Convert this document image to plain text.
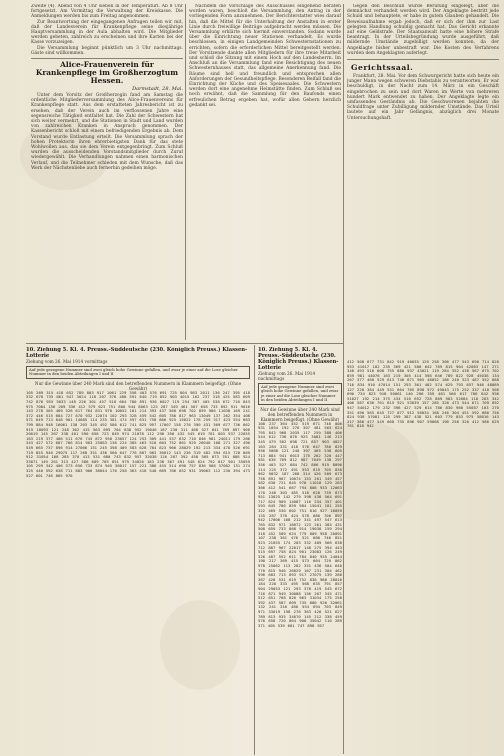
Zweite (4). Abend von 4 Uhr sieben in der Temperaturl. Ab 8 Uhr fortgesetzt. Am Vormittag die Verwaltung der Kreiskasse. Die Anmeldungen werden bis zum Freitag angenommen.
Zur Beantwortung der eingegangenen Anfragen teilen wir mit, daß der Landesverein für Krankenpflege seine diesjährige Hauptversammlung in der Aula abhalten wird. Die Mitglieder werden gebeten, zahlreich zu erscheinen und ihre Karten bei der Kasse vorzuzeigen.
Die Versammlung beginnt pünktlich um 3 Uhr nachmittags. Gäste sind willkommen.
Alice-Frauenverein für Krankenpflege im Großherzogtum Hessen.
Darmstadt, 28. Mai.
Unter dem Vorsitz der Großherzogin fand am Samstag die ordentliche Mitgliederversammlung des Alice-Frauenvereins für Krankenpflege statt. Aus dem erstatteten Jahresbericht ist zu ersehen, daß der Verein auch im verflossenen Jahre eine segensreiche Tätigkeit entfaltet hat. Die Zahl der Schwestern hat sich weiter vermehrt, und die Stationen in Stadt und Land wurden von zahlreichen Kranken in Anspruch genommen. Der Kassenbericht schloß mit einem befriedigenden Ergebnis ab. Dem Vorstand wurde Entlastung erteilt. Die Versammlung sprach der hohen Protektorin ihren ehrerbietigsten Dank für das stete Wohlwollen aus, das sie dem Verein entgegenbringt. Zum Schluß wurden die ausscheidenden Vorstandsmitglieder durch Zuruf wiedergewählt. Die Verhandlungen nahmen einen harmonischen Verlauf, und die Teilnehmer schieden mit dem Wunsche, daß das Werk der Nächstenliebe auch fernerhin gedeihen möge.
Nachdem die Vorschläge des Ausschusses eingehend beraten worden waren, beschloß die Versammlung, den Antrag in der vorliegenden Form anzunehmen. Der Berichterstatter wies darauf hin, daß die Mittel für die Unterhaltung der Anstalten in erster Linie durch freiwillige Beiträge aufgebracht werden müssen. Die Versammlung erklärte sich hiermit einverstanden. Sodann wurde über die Einrichtung neuer Stationen verhandelt. Es wurde beschlossen, in einigen Landgemeinden Schwesternstationen zu errichten, sofern die erforderlichen Mittel bereitgestellt werden. Der Vorsitzende dankte allen Mitgliedern für ihre treue Mitarbeit und schloß die Sitzung mit einem Hoch auf den Landesherrn. Im Anschluß an die Versammlung fand eine Besichtigung des neuen Schwesternhauses statt, das allgemeine Anerkennung fand. Die Räume sind hell und freundlich und entsprechen allen Anforderungen der Gesundheitspflege. Besonderen Beifall fand die Einrichtung der Küche und des Speisesaales. Die Schwestern werden dort eine angenehme Heimstätte finden. Zum Schluß sei noch erwähnt, daß die Sammlung für den Baufonds einen erfreulichen Betrag ergeben hat, wofür allen Gebern herzlich gedankt sei.
Gegen den Beschluß wurde Berufung eingelegt, über die demnächst verhandelt werden wird. Der Angeklagte bestritt jede Schuld und behauptete, er habe in gutem Glauben gehandelt. Die Beweisaufnahme ergab jedoch, daß er sich der ihm zur Last gelegten Handlung schuldig gemacht hat. Das Gericht erkannte auf eine Geldstrafe. Der Staatsanwalt hatte eine höhere Strafe beantragt. In der Urteilsbegründung wurde ausgeführt, daß mildernde Umstände zugebilligt werden konnten, da der Angeklagte bisher unbestraft war. Die Kosten des Verfahrens wurden dem Angeklagten auferlegt.
Gerichtssaal.
Frankfurt, 28. Mai. Vor dem Schwurgericht hatte sich heute ein junger Mann wegen schweren Diebstahls zu verantworten. Er war beschuldigt, in der Nacht zum 14. März in ein Geschäft eingebrochen zu sein und dort Waren im Werte von mehreren hundert Mark entwendet zu haben. Der Angeklagte legte ein umfassendes Geständnis ab. Die Geschworenen bejahten die Schuldfrage unter Zubilligung mildernder Umstände. Das Urteil lautete auf ein Jahr Gefängnis, abzüglich drei Monate Untersuchungshaft.
10. Ziehung 5. Kl. 4. Preuss.-Süddeutsche (230. Königlich Preuss.) Klassen-Lotterie
Ziehung vom 26. Mai 1914 vormittags
Auf jede gezogene Nummer sind zwei gleich hohe Gewinne gefallen, und zwar je einer auf die Lose gleicher Nummer in den beiden Abteilungen I und II
Nur die Gewinne über 240 Mark sind den betreffenden Nummern in Klammern beigefügt. (Ohne Gewähr)
105 269 315 418 652 789 803 917 1061 229 358 403 576 691 725 804 983 2011 136 247 395 418 532 670 735 861 947 3024 118 207 376 480 591 640 719 852 903 4015 162 237 318 425 583 609 742 876 955 5033 148 226 301 457 518 664 780 891 936 6027 119 254 367 405 538 672 718 843 975 7084 156 209 336 412 579 623 751 806 944 8063 125 287 349 461 507 658 733 892 911 9016 143 278 305 489 526 617 764 831 970 10052 181 214 393 437 560 698 702 859 986 11038 169 241 372 446 515 684 727 870 932 12074 102 293 328 459 542 605 786 817 963 13049 137 262 354 408 571 649 713 848 901 14085 114 235 381 474 597 631 758 866 925 15022 176 259 317 423 554 663 799 884 948 16061 130 203 345 492 586 612 741 825 997 17007 158 276 390 431 509 677 736 862 919 18093 121 248 362 415 563 695 704 838 952 19046 187 230 311 468 527 641 769 897 906 20019 145 267 338 401 590 658 723 849 974 21078 112 290 356 432 545 619 781 803 937 22035 163 219 377 486 511 676 745 872 958 23057 124 253 309 441 537 632 710 846 981 24011 179 286 343 427 572 687 766 814 903 25083 136 224 385 463 518 603 752 861 929 26040 108 271 327 490 549 665 737 896 914 27066 151 245 398 409 583 628 784 823 966 28029 192 213 334 478 526 691 719 855 940 29075 117 268 351 436 560 647 776 807 983 30012 143 236 319 482 594 615 728 869 912 31054 168 285 370 413 531 680 743 832 957 32038 126 207 392 458 505 673 761 888 924 33071 149 261 313 427 586 609 705 851 979 34026 183 238 367 491 548 624 792 817 901 35059 105 299 342 406 573 656 733 874 945 36017 157 221 386 455 514 690 757 836 968 37082 131 274 325 440 592 638 711 883 906 38044 176 258 363 418 540 669 786 852 931 39063 112 230 394 473 527 601 748 865 970
10. Ziehung 5. Kl. 4. Preuss.-Süddeutsche (230. Königlich Preuss.) Klassen-Lotterie
Ziehung vom 26. Mai 1914 nachmittags
Auf jede gezogene Nummer sind zwei gleich hohe Gewinne gefallen, und zwar je einer auf die Lose gleicher Nummer in den beiden Abteilungen I und II
Nur die Gewinne über 240 Mark sind den betreffenden Nummern in Klammern beigefügt. (Ohne Gewähr)
108 237 364 452 519 671 748 806 931 1054 192 276 307 481 563 624 795 843 968 2035 117 259 388 406 544 612 736 870 925 3081 146 213 345 479 502 698 721 857 903 4027 163 284 331 418 576 647 780 829 956 5068 121 240 397 465 538 605 713 884 941 6013 175 262 320 447 581 636 769 812 987 7049 138 297 356 403 527 684 742 866 919 8096 114 225 372 491 553 619 705 838 962 9032 187 268 314 426 509 673 758 891 907 10074 153 201 349 457 582 630 721 845 976 11018 129 283 366 412 541 667 794 808 933 12063 170 246 303 485 516 628 739 873 951 13025 142 279 398 438 564 691 717 824 909 14087 116 234 357 401 593 645 786 859 984 15041 181 255 322 469 530 602 751 816 927 16059 135 287 370 424 578 686 708 897 942 17006 168 212 341 497 547 613 765 832 971 18072 123 261 385 431 508 659 733 868 914 19038 159 294 318 452 589 624 779 809 958 20091 107 238 361 476 521 680 746 851 923 21055 174 203 332 409 566 638 712 887 967 22017 148 275 394 443 515 697 758 824 901 23083 126 249 326 487 552 611 784 840 935 24044 190 217 369 415 573 664 729 862 978 25062 113 282 351 436 504 640 770 815 946 26029 167 231 304 462 596 683 713 893 917 27075 139 266 387 428 531 619 752 838 980 28016 184 220 333 495 568 635 791 857 904 29053 121 293 378 419 545 672 716 871 949 30088 156 207 345 471 512 651 768 826 963 31034 175 258 392 437 587 609 735 880 926 32061 132 241 316 480 554 694 703 849 971 33019 198 276 363 426 521 627 789 813 935 34070 145 212 338 459 576 658 720 864 908 35042 110 289 371 405 539 681 747 898 957
412 508 677 731 842 919 40035 129 258 306 477 543 690 714 826 953 41017 182 235 369 421 580 642 769 815 904 42063 147 271 348 493 516 608 755 880 937 43021 119 284 352 438 567 675 702 859 981 44076 163 219 305 414 598 646 789 822 928 45038 134 267 377 460 529 613 740 871 965 46052 186 240 323 487 552 688 716 834 910 47014 151 293 361 402 574 629 793 857 946 48089 127 228 384 449 531 664 705 898 972 49043 175 252 337 418 506 690 734 823 918 50061 140 296 359 481 566 617 780 842 956 51027 192 214 375 434 510 652 728 869 983 52084 118 263 342 406 587 636 761 815 921 53039 157 285 328 473 544 671 709 892 947 54012 179 232 396 427 529 614 786 830 966 55057 103 270 351 490 565 645 727 877 912 56034 168 246 304 451 592 680 756 824 938 57081 125 299 387 438 521 603 779 853 975 58016 143 217 366 477 549 668 735 896 907 59068 190 258 320 412 586 629 761 818 942
